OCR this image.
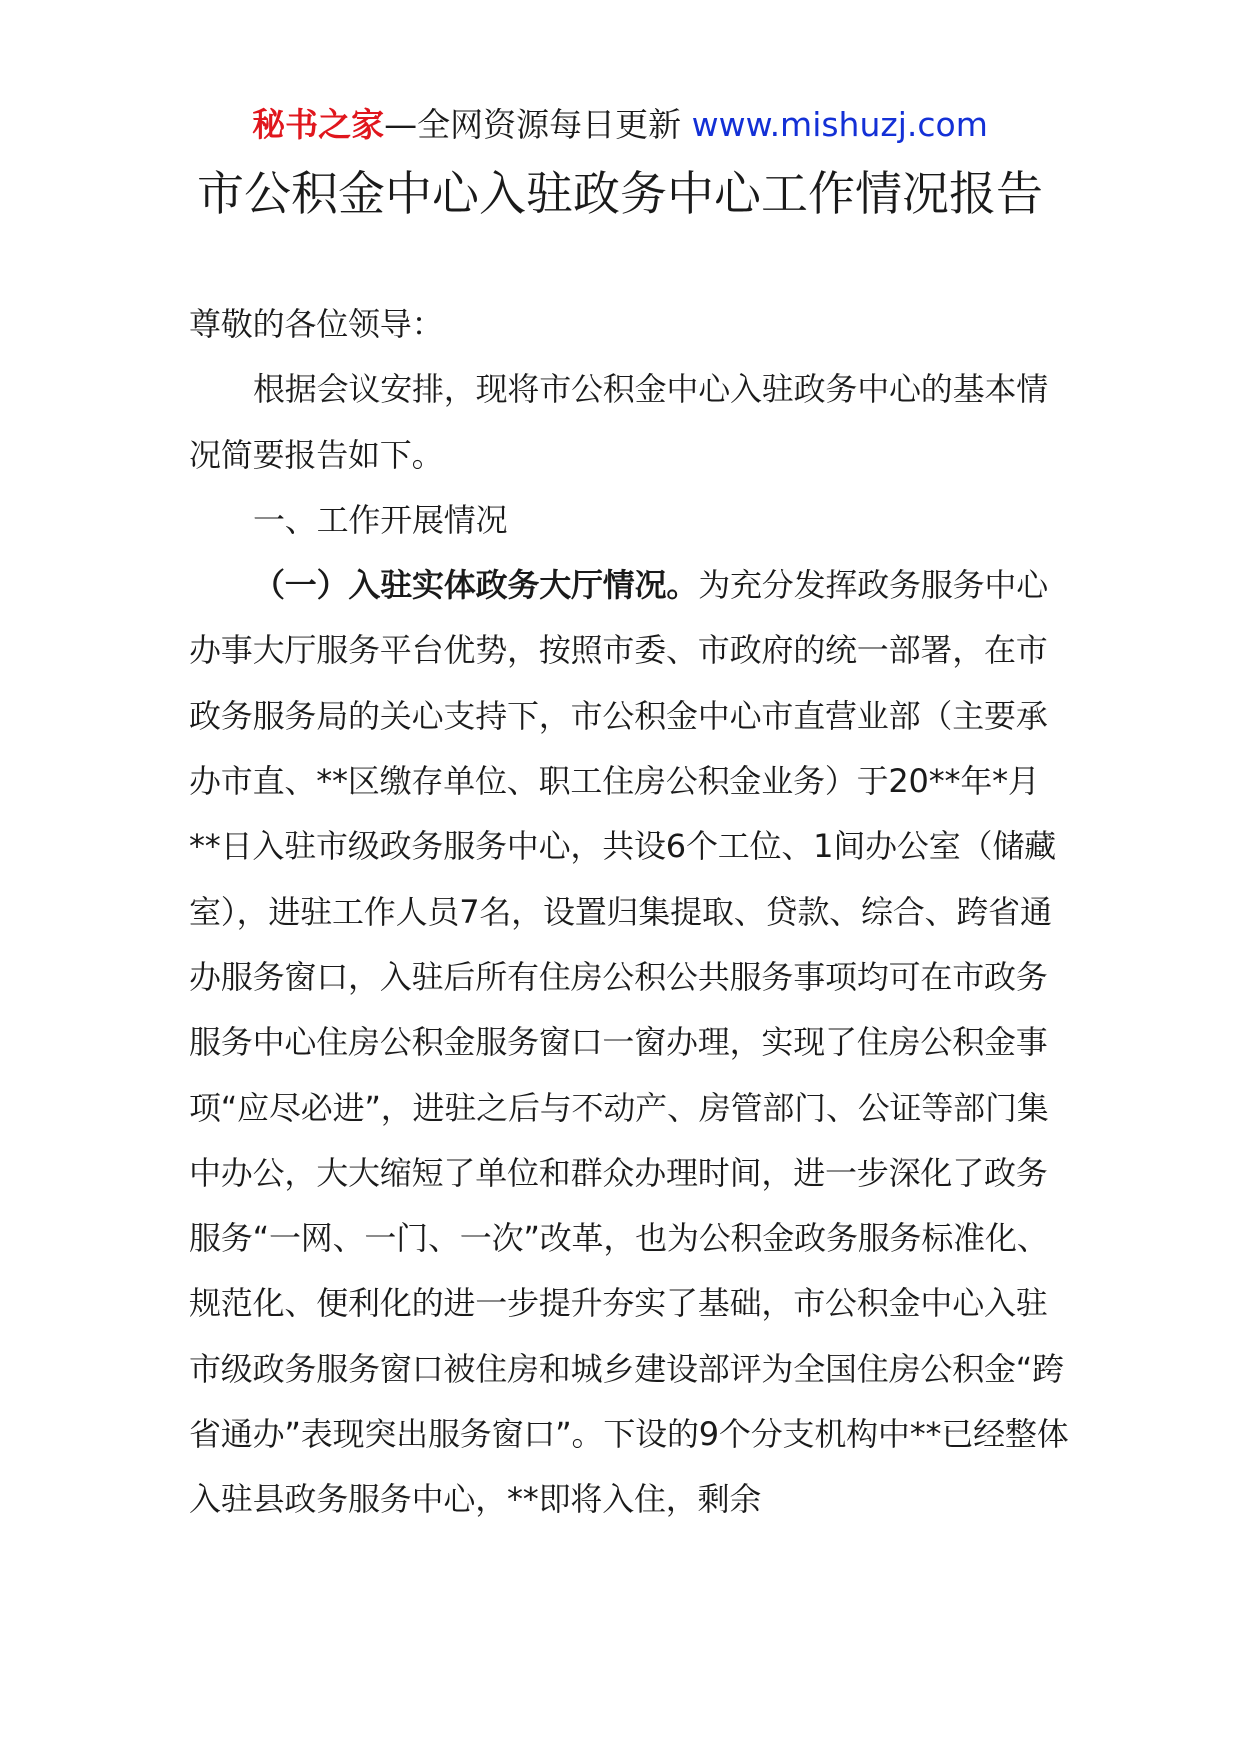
秘书之家—全网资源每日更新 www.mishuzj.com
市公积金中心入驻政务中心工作情况报告

尊敬的各位领导：

根据会议安排，现将市公积金中心入驻政务中心的基本情况简要报告如下。

一、工作开展情况

（一）入驻实体政务大厅情况。为充分发挥政务服务中心办事大厅服务平台优势，按照市委、市政府的统一部署，在市政务服务局的关心支持下，市公积金中心市直营业部（主要承办市直、**区缴存单位、职工住房公积金业务）于20**年*月**日入驻市级政务服务中心，共设6个工位、1间办公室（储藏室），进驻工作人员7名，设置归集提取、贷款、综合、跨省通办服务窗口，入驻后所有住房公积公共服务事项均可在市政务服务中心住房公积金服务窗口一窗办理，实现了住房公积金事项“应尽必进”，进驻之后与不动产、房管部门、公证等部门集中办公，大大缩短了单位和群众办理时间，进一步深化了政务服务“一网、一门、一次”改革，也为公积金政务服务标准化、规范化、便利化的进一步提升夯实了基础，市公积金中心入驻市级政务服务窗口被住房和城乡建设部评为全国住房公积金“跨省通办”表现突出服务窗口”。下设的9个分支机构中**已经整体入驻县政务服务中心，**即将入住，剩余
